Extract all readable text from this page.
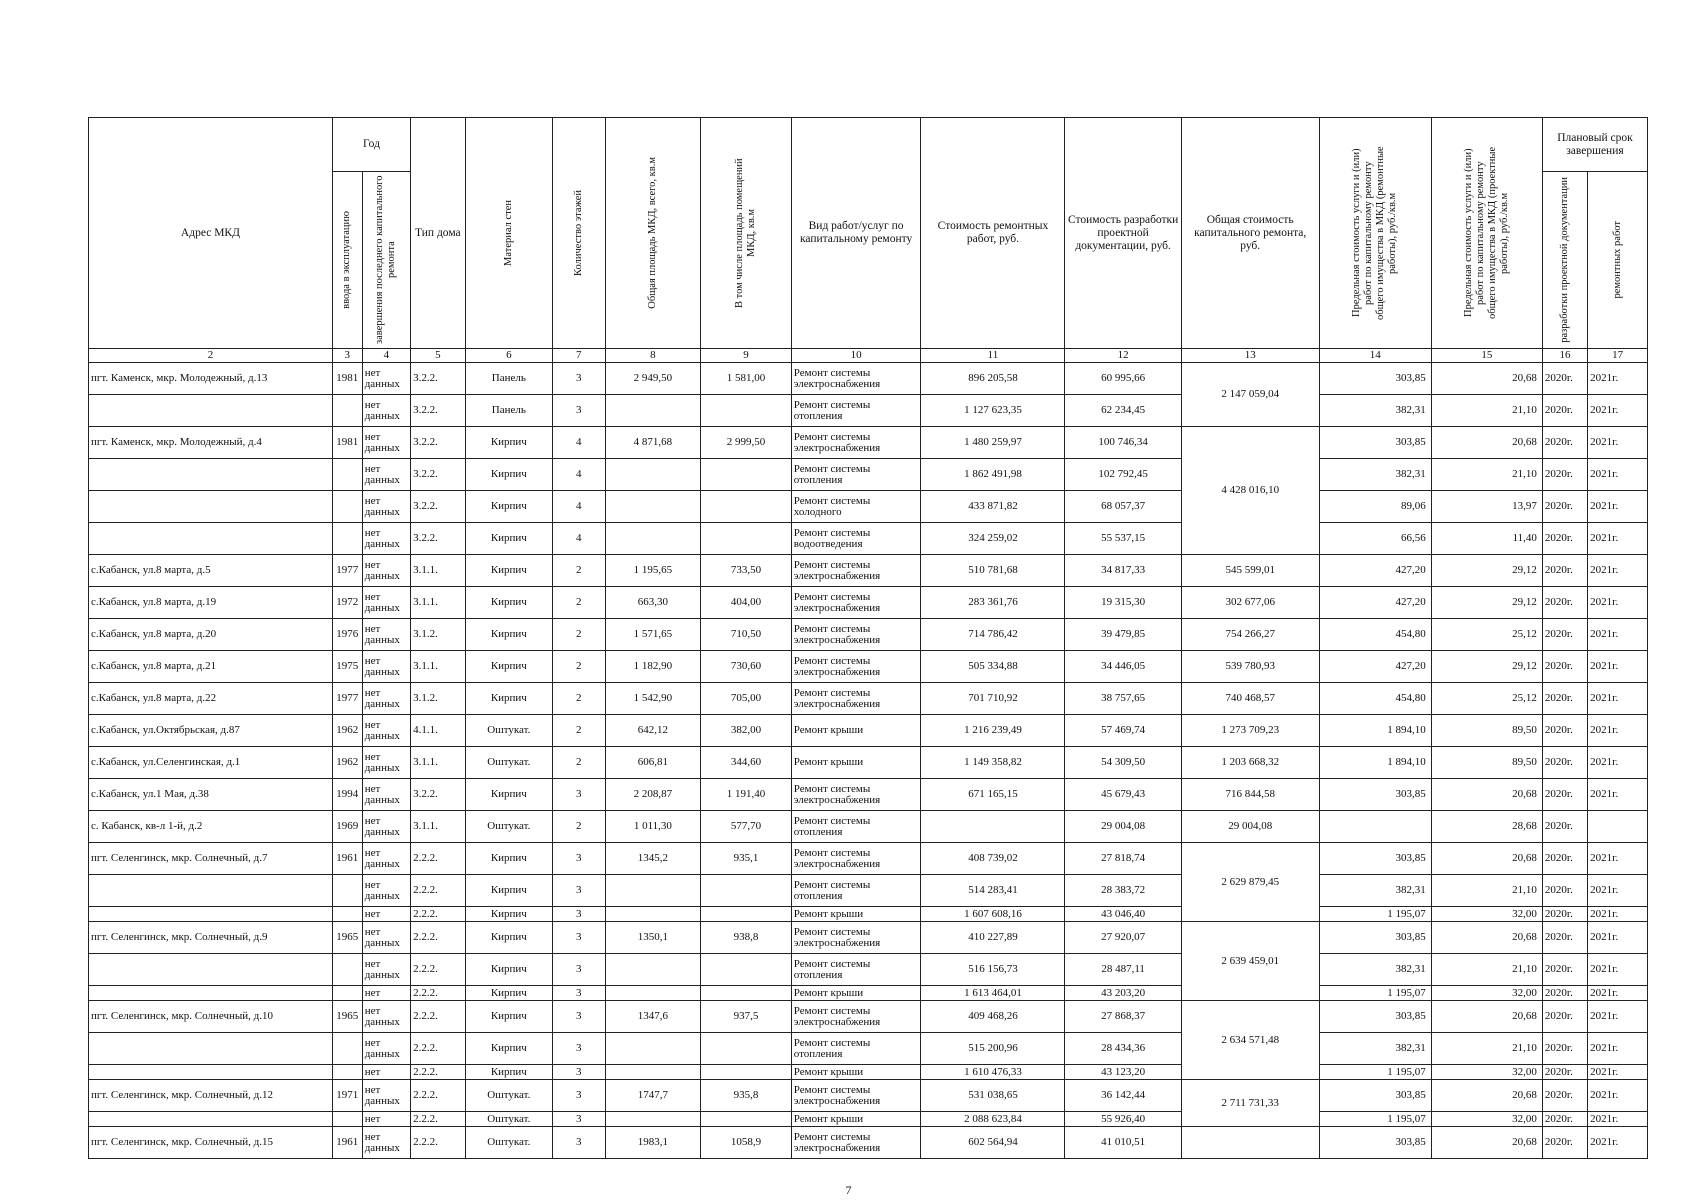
Адрес МКД	Год		Тип дома	Материал стен	Количество этажей	Общая площадь МКД, всего, кв.м	В том числе площадь помещений МКД, кв.м	Вид работ/услуг по капитальному ремонту	Стоимость ремонтных работ, руб.	Стоимость разработки проектной документации, руб.	Общая стоимость капитального ремонта, руб.	Предельная стоимость услуги и (или) работ по капитальному ремонту общего имущества в МКД (ремонтные работы), руб./кв.м	Предельная стоимость услуги и (или) работ по капитальному ремонту общего имущества в МКД (проектные работы), руб./кв.м	Плановый срок завершения	

	ввода в эксплуатацию	завершения последнего капитального ремонта												разработки проектной документации	ремонтных работ

2	3	4	5	6	7	8	9	10	11	12	13	14	15	16	17
пгт. Каменск, мкр. Молодежный, д.13	1981	нет данных	3.2.2.	Панель	3	2 949,50	1 581,00	Ремонт системы электроснабжения	896 205,58	60 995,66	2 147 059,04	303,85	20,68	2020г.	2021г.
		нет данных	3.2.2.	Панель	3			Ремонт системы отопления	1 127 623,35	62 234,45		382,31	21,10	2020г.	2021г.
пгт. Каменск, мкр. Молодежный, д.4	1981	нет данных	3.2.2.	Кирпич	4	4 871,68	2 999,50	Ремонт системы электроснабжения	1 480 259,97	100 746,34	4 428 016,10	303,85	20,68	2020г.	2021г.
		нет данных	3.2.2.	Кирпич	4			Ремонт системы отопления	1 862 491,98	102 792,45		382,31	21,10	2020г.	2021г.
		нет данных	3.2.2.	Кирпич	4			Ремонт системы холодного	433 871,82	68 057,37		89,06	13,97	2020г.	2021г.
		нет данных	3.2.2.	Кирпич	4			Ремонт системы водоотведения	324 259,02	55 537,15		66,56	11,40	2020г.	2021г.
с.Кабанск, ул.8 марта, д.5	1977	нет данных	3.1.1.	Кирпич	2	1 195,65	733,50	Ремонт системы электроснабжения	510 781,68	34 817,33	545 599,01	427,20	29,12	2020г.	2021г.
с.Кабанск, ул.8 марта, д.19	1972	нет данных	3.1.1.	Кирпич	2	663,30	404,00	Ремонт системы электроснабжения	283 361,76	19 315,30	302 677,06	427,20	29,12	2020г.	2021г.
с.Кабанск, ул.8 марта, д.20	1976	нет данных	3.1.2.	Кирпич	2	1 571,65	710,50	Ремонт системы электроснабжения	714 786,42	39 479,85	754 266,27	454,80	25,12	2020г.	2021г.
с.Кабанск, ул.8 марта, д.21	1975	нет данных	3.1.1.	Кирпич	2	1 182,90	730,60	Ремонт системы электроснабжения	505 334,88	34 446,05	539 780,93	427,20	29,12	2020г.	2021г.
с.Кабанск, ул.8 марта, д.22	1977	нет данных	3.1.2.	Кирпич	2	1 542,90	705,00	Ремонт системы электроснабжения	701 710,92	38 757,65	740 468,57	454,80	25,12	2020г.	2021г.
с.Кабанск, ул.Октябрьская, д.87	1962	нет данных	4.1.1.	Оштукат.	2	642,12	382,00	Ремонт крыши	1 216 239,49	57 469,74	1 273 709,23	1 894,10	89,50	2020г.	2021г.
с.Кабанск, ул.Селенгинская, д.1	1962	нет данных	3.1.1.	Оштукат.	2	606,81	344,60	Ремонт крыши	1 149 358,82	54 309,50	1 203 668,32	1 894,10	89,50	2020г.	2021г.
с.Кабанск, ул.1 Мая, д.38	1994	нет данных	3.2.2.	Кирпич	3	2 208,87	1 191,40	Ремонт системы электроснабжения	671 165,15	45 679,43	716 844,58	303,85	20,68	2020г.	2021г.
с. Кабанск, кв-л 1-й, д.2	1969	нет данных	3.1.1.	Оштукат.	2	1 011,30	577,70	Ремонт системы отопления		29 004,08	29 004,08		28,68	2020г.	
пгт. Селенгинск, мкр. Солнечный, д.7	1961	нет данных	2.2.2.	Кирпич	3	1345,2	935,1	Ремонт системы электроснабжения	408 739,02	27 818,74	2 629 879,45	303,85	20,68	2020г.	2021г.
		нет данных	2.2.2.	Кирпич	3			Ремонт системы отопления	514 283,41	28 383,72		382,31	21,10	2020г.	2021г.
		нет	2.2.2.	Кирпич	3			Ремонт крыши	1 607 608,16	43 046,40		1 195,07	32,00	2020г.	2021г.
пгт. Селенгинск, мкр. Солнечный, д.9	1965	нет данных	2.2.2.	Кирпич	3	1350,1	938,8	Ремонт системы электроснабжения	410 227,89	27 920,07	2 639 459,01	303,85	20,68	2020г.	2021г.
		нет данных	2.2.2.	Кирпич	3			Ремонт системы отопления	516 156,73	28 487,11		382,31	21,10	2020г.	2021г.
		нет	2.2.2.	Кирпич	3			Ремонт крыши	1 613 464,01	43 203,20		1 195,07	32,00	2020г.	2021г.
пгт. Селенгинск, мкр. Солнечный, д.10	1965	нет данных	2.2.2.	Кирпич	3	1347,6	937,5	Ремонт системы электроснабжения	409 468,26	27 868,37	2 634 571,48	303,85	20,68	2020г.	2021г.
		нет данных	2.2.2.	Кирпич	3			Ремонт системы отопления	515 200,96	28 434,36		382,31	21,10	2020г.	2021г.
		нет	2.2.2.	Кирпич	3			Ремонт крыши	1 610 476,33	43 123,20		1 195,07	32,00	2020г.	2021г.
пгт. Селенгинск, мкр. Солнечный, д.12	1971	нет данных	2.2.2.	Оштукат.	3	1747,7	935,8	Ремонт системы электроснабжения	531 038,65	36 142,44	2 711 731,33	303,85	20,68	2020г.	2021г.
		нет	2.2.2.	Оштукат.	3			Ремонт крыши	2 088 623,84	55 926,40		1 195,07	32,00	2020г.	2021г.
пгт. Селенгинск, мкр. Солнечный, д.15	1961	нет данных	2.2.2.	Оштукат.	3	1983,1	1058,9	Ремонт системы электроснабжения	602 564,94	41 010,51		303,85	20,68	2020г.	2021г.
7
